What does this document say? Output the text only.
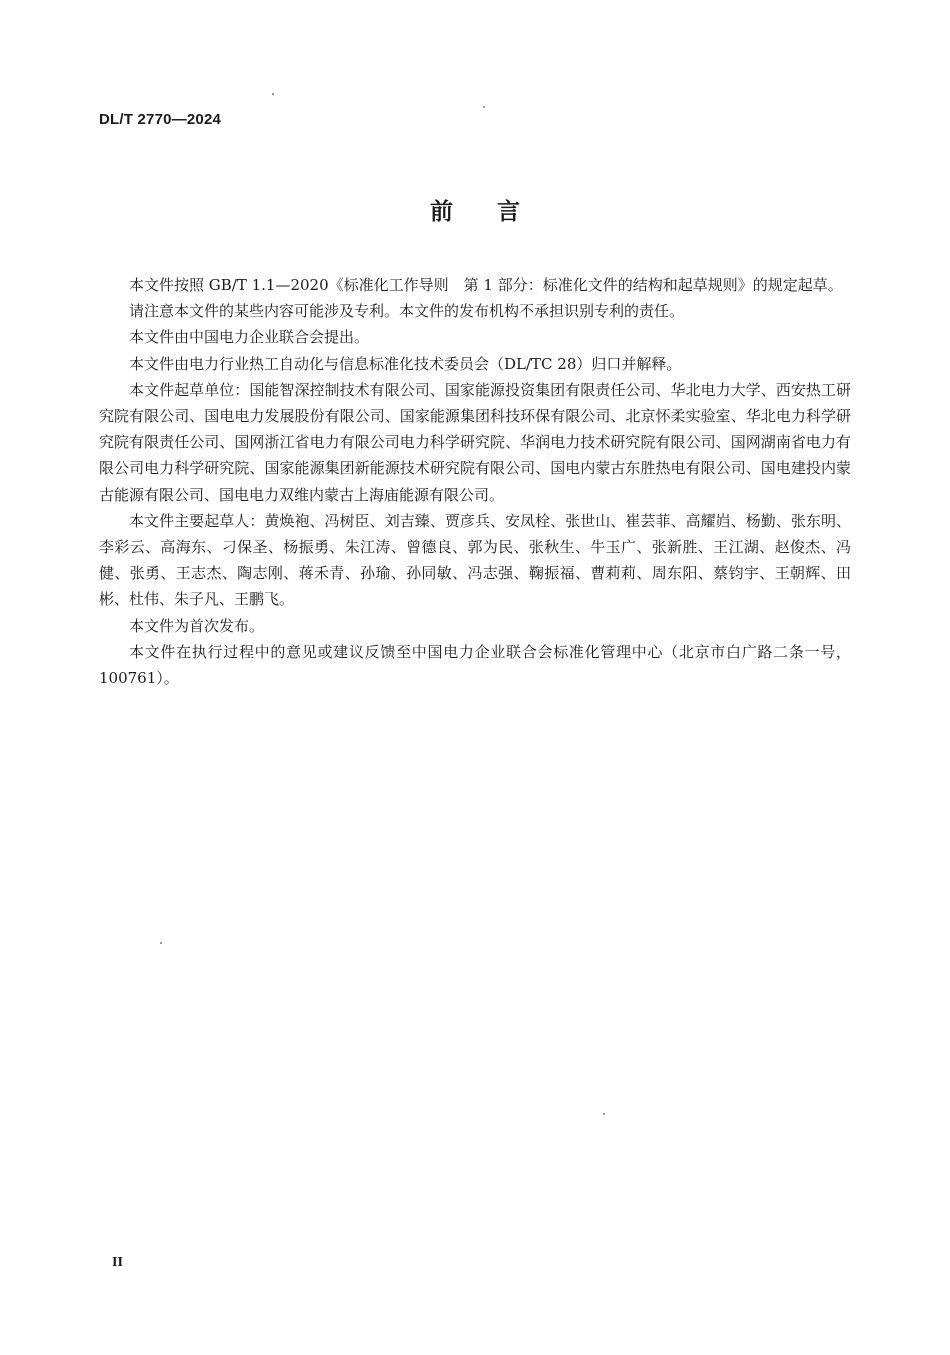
DL/T 2770—2024
前言

本文件按照 GB/T 1.1—2020《标准化工作导则　第 1 部分：标准化文件的结构和起草规则》的规定起草。

请注意本文件的某些内容可能涉及专利。本文件的发布机构不承担识别专利的责任。

本文件由中国电力企业联合会提出。

本文件由电力行业热工自动化与信息标准化技术委员会（DL/TC 28）归口并解释。

本文件起草单位：国能智深控制技术有限公司、国家能源投资集团有限责任公司、华北电力大学、西安热工研究院有限公司、国电电力发展股份有限公司、国家能源集团科技环保有限公司、北京怀柔实验室、华北电力科学研究院有限责任公司、国网浙江省电力有限公司电力科学研究院、华润电力技术研究院有限公司、国网湖南省电力有限公司电力科学研究院、国家能源集团新能源技术研究院有限公司、国电内蒙古东胜热电有限公司、国电建投内蒙古能源有限公司、国电电力双维内蒙古上海庙能源有限公司。

本文件主要起草人：黄焕袍、冯树臣、刘吉臻、贾彦兵、安凤栓、张世山、崔芸菲、高耀岿、杨勤、张东明、李彩云、高海东、刁保圣、杨振勇、朱江涛、曾德良、郭为民、张秋生、牛玉广、张新胜、王江湖、赵俊杰、冯健、张勇、王志杰、陶志刚、蒋禾青、孙瑜、孙同敏、冯志强、鞠振福、曹莉莉、周东阳、蔡钧宇、王朝辉、田彬、杜伟、朱子凡、王鹏飞。

本文件为首次发布。

本文件在执行过程中的意见或建议反馈至中国电力企业联合会标准化管理中心（北京市白广路二条一号，100761）。

II
